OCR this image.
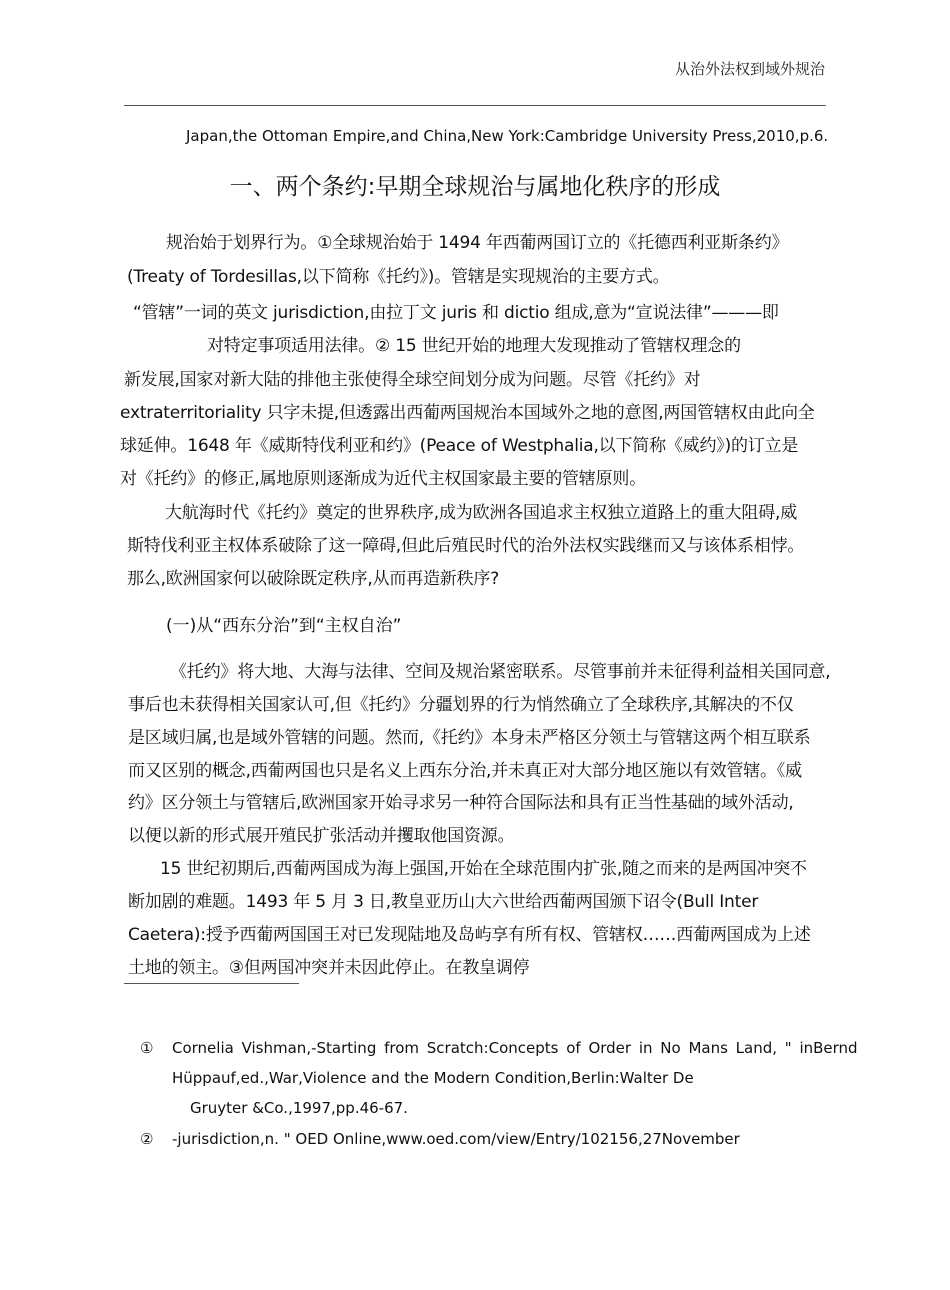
从治外法权到域外规治
Japan,the Ottoman Empire,and China,New York:Cambridge University Press,2010,p.6.
一、两个条约:早期全球规治与属地化秩序的形成
规治始于划界行为。①全球规治始于 1494 年西葡两国订立的《托德西利亚斯条约》
(Treaty of Tordesillas,以下简称《托约》)。管辖是实现规治的主要方式。
“管辖”一词的英文 jurisdiction,由拉丁文 juris 和 dictio 组成,意为“宣说法律”———即
对特定事项适用法律。② 15 世纪开始的地理大发现推动了管辖权理念的
新发展,国家对新大陆的排他主张使得全球空间划分成为问题。尽管《托约》对
extraterritoriality 只字未提,但透露出西葡两国规治本国域外之地的意图,两国管辖权由此向全
球延伸。1648 年《威斯特伐利亚和约》(Peace of Westphalia,以下简称《威约》)的订立是
对《托约》的修正,属地原则逐渐成为近代主权国家最主要的管辖原则。
大航海时代《托约》奠定的世界秩序,成为欧洲各国追求主权独立道路上的重大阻碍,威
斯特伐利亚主权体系破除了这一障碍,但此后殖民时代的治外法权实践继而又与该体系相悖。
那么,欧洲国家何以破除既定秩序,从而再造新秩序?
(一)从“西东分治”到“主权自治”
《托约》将大地、大海与法律、空间及规治紧密联系。尽管事前并未征得利益相关国同意,
事后也未获得相关国家认可,但《托约》分疆划界的行为悄然确立了全球秩序,其解决的不仅
是区域归属,也是域外管辖的问题。然而,《托约》本身未严格区分领土与管辖这两个相互联系
而又区别的概念,西葡两国也只是名义上西东分治,并未真正对大部分地区施以有效管辖。《威
约》区分领土与管辖后,欧洲国家开始寻求另一种符合国际法和具有正当性基础的域外活动,
以便以新的形式展开殖民扩张活动并攫取他国资源。
15 世纪初期后,西葡两国成为海上强国,开始在全球范围内扩张,随之而来的是两国冲突不
断加剧的难题。1493 年 5 月 3 日,教皇亚历山大六世给西葡两国颁下诏令(Bull Inter
Caetera):授予西葡两国国王对已发现陆地及岛屿享有所有权、管辖权……西葡两国成为上述
土地的领主。③但两国冲突并未因此停止。在教皇调停
① Cornelia Vishman,-Starting from Scratch:Concepts of Order in No Mans Land, " inBernd
Hüppauf,ed.,War,Violence and the Modern Condition,Berlin:Walter De
Gruyter &Co.,1997,pp.46-67.
② -jurisdiction,n. " OED Online,www.oed.com/view/Entry/102156,27November
